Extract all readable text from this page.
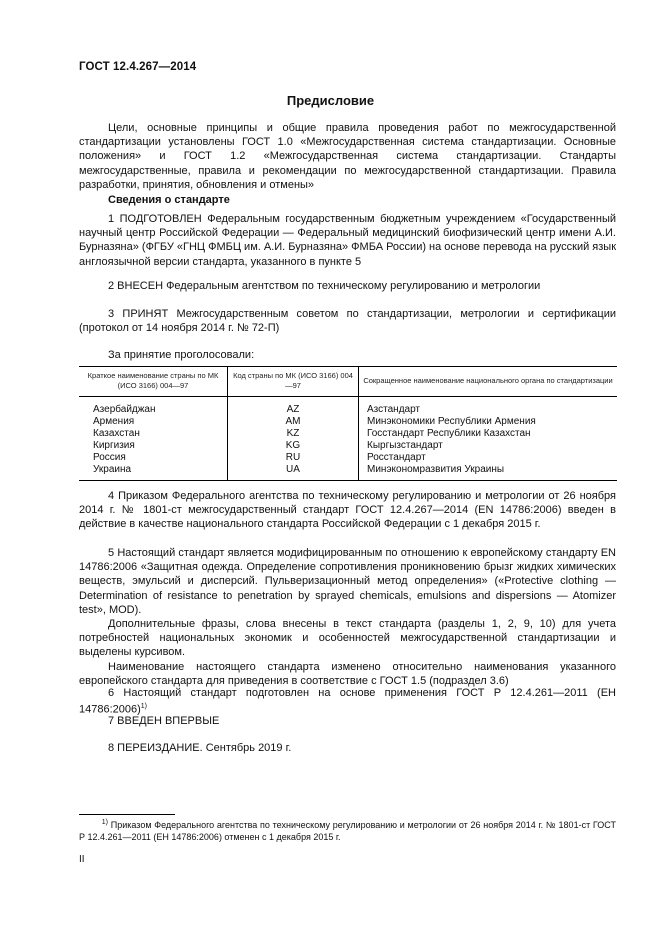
ГОСТ 12.4.267—2014
Предисловие

Цели, основные принципы и общие правила проведения работ по межгосударственной стандартизации установлены ГОСТ 1.0 «Межгосударственная система стандартизации. Основные положения» и ГОСТ 1.2 «Межгосударственная система стандартизации. Стандарты межгосударственные, правила и рекомендации по межгосударственной стандартизации. Правила разработки, принятия, обновления и отмены»

Сведения о стандарте

1 ПОДГОТОВЛЕН Федеральным государственным бюджетным учреждением «Государственный научный центр Российской Федерации — Федеральный медицинский биофизический центр имени А.И. Бурназяна» (ФГБУ «ГНЦ ФМБЦ им. А.И. Бурназяна» ФМБА России) на основе перевода на русский язык англоязычной версии стандарта, указанного в пункте 5

2 ВНЕСЕН Федеральным агентством по техническому регулированию и метрологии

3 ПРИНЯТ Межгосударственным советом по стандартизации, метрологии и сертификации (протокол от 14 ноября 2014 г. № 72-П)

За принятие проголосовали:

Краткое наименование страны по МК (ИСО 3166) 004—97	Код страны по МК (ИСО 3166) 004—97	Сокращенное наименование национального органа по стандартизации
Азербайджан	AZ	Азстандарт
Армения	AM	Минэкономики Республики Армения
Казахстан	KZ	Госстандарт Республики Казахстан
Киргизия	KG	Кыргызстандарт
Россия	RU	Росстандарт
Украина	UA	Минэкономразвития Украины

4 Приказом Федерального агентства по техническому регулированию и метрологии от 26 ноября 2014 г. № 1801-ст межгосударственный стандарт ГОСТ 12.4.267—2014 (EN 14786:2006) введен в действие в качестве национального стандарта Российской Федерации с 1 декабря 2015 г.

5 Настоящий стандарт является модифицированным по отношению к европейскому стандарту EN 14786:2006 «Защитная одежда. Определение сопротивления проникновению брызг жидких химических веществ, эмульсий и дисперсий. Пульверизационный метод определения» («Protective clothing — Determination of resistance to penetration by sprayed chemicals, emulsions and dispersions — Atomizer test», MOD).

Дополнительные фразы, слова внесены в текст стандарта (разделы 1, 2, 9, 10) для учета потребностей национальных экономик и особенностей межгосударственной стандартизации и выделены курсивом.

Наименование настоящего стандарта изменено относительно наименования указанного европейского стандарта для приведения в соответствие с ГОСТ 1.5 (подраздел 3.6)

6 Настоящий стандарт подготовлен на основе применения ГОСТ Р 12.4.261—2011 (ЕН 14786:2006)$^{1)}$

7 ВВЕДЕН ВПЕРВЫЕ

8 ПЕРЕИЗДАНИЕ. Сентябрь 2019 г.

$^{1)}$ Приказом Федерального агентства по техническому регулированию и метрологии от 26 ноября 2014 г. № 1801-ст ГОСТ Р 12.4.261—2011 (ЕН 14786:2006) отменен с 1 декабря 2015 г.
II
